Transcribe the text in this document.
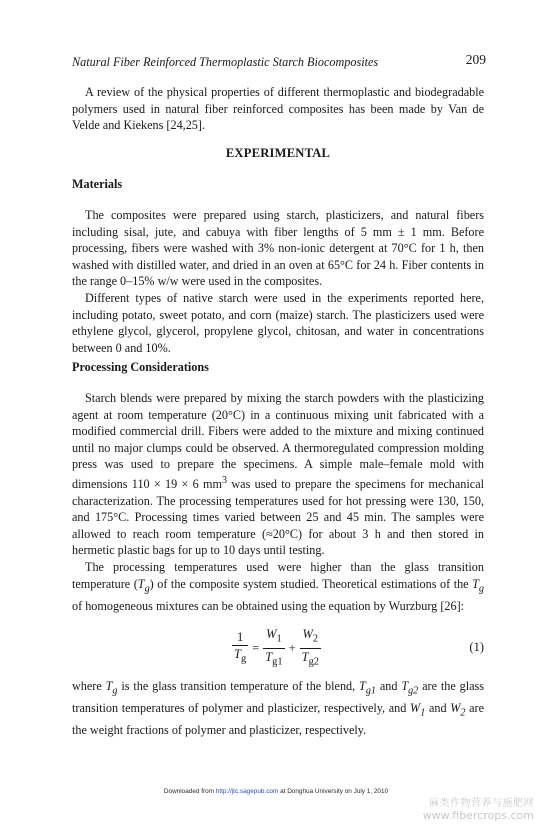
Natural Fiber Reinforced Thermoplastic Starch Biocomposites	209

A review of the physical properties of different thermoplastic and biodegradable polymers used in natural fiber reinforced composites has been made by Van de Velde and Kiekens [24,25].

EXPERIMENTAL
Materials

The composites were prepared using starch, plasticizers, and natural fibers including sisal, jute, and cabuya with fiber lengths of 5 mm ± 1 mm. Before processing, fibers were washed with 3% non-ionic detergent at 70°C for 1 h, then washed with distilled water, and dried in an oven at 65°C for 24 h. Fiber contents in the range 0–15% w/w were used in the composites.

Different types of native starch were used in the experiments reported here, including potato, sweet potato, and corn (maize) starch. The plasticizers used were ethylene glycol, glycerol, propylene glycol, chitosan, and water in concentrations between 0 and 10%.

Processing Considerations

Starch blends were prepared by mixing the starch powders with the plasticizing agent at room temperature (20°C) in a continuous mixing unit fabricated with a modified commercial drill. Fibers were added to the mixture and mixing continued until no major clumps could be observed. A thermoregulated compression molding press was used to prepare the specimens. A simple male–female mold with dimensions 110 × 19 × 6 $mm^3$ was used to prepare the specimens for mechanical characterization. The processing temperatures used for hot pressing were 130, 150, and 175°C. Processing times varied between 25 and 45 min. The samples were allowed to reach room temperature (≈20°C) for about 3 h and then stored in hermetic plastic bags for up to 10 days until testing.

The processing temperatures used were higher than the glass transition temperature $(T_g)$ of the composite system studied. Theoretical estimations of the $T_g$ of homogeneous mixtures can be obtained using the equation by Wurzburg [26]:

$\frac{1}{T_g} = \frac{W_1}{T_{g1}} + \frac{W_2}{T_{g2}}$	(1)

where $T_g$ is the glass transition temperature of the blend, $T_{g1}$ and $T_{g2}$ are the glass transition temperatures of polymer and plasticizer, respectively, and $W_1$ and $W_2$ are the weight fractions of polymer and plasticizer, respectively.

Downloaded from http://jtc.sagepub.com at Donghua University on July 1, 2010
麻类作物营养与施肥网
www.fibercrops.com
